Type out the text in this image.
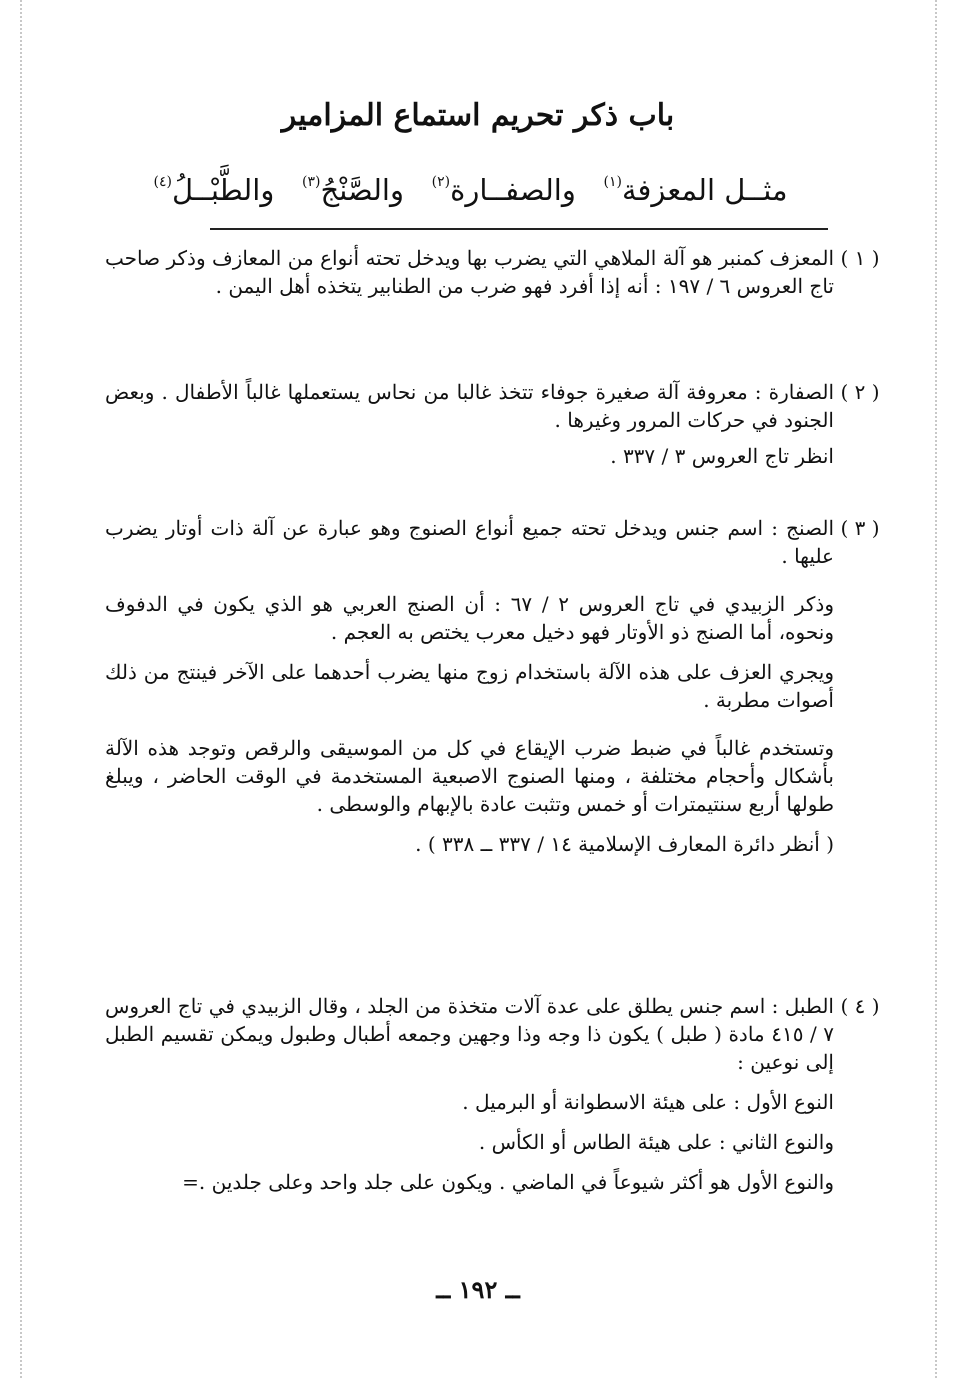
باب ذكر تحريم استماع المزامير
مثــل المعزفة$^{(١)}$   والصفــارة$^{(٢)}$   والصَّنْجُ$^{(٣)}$   والطَّبْــلُ$^{(٤)}$
( ١ )

المعزف كمنبر هو آلة الملاهي التي يضرب بها ويدخل تحته أنواع من المعازف وذكر صاحب تاج العروس ٦ / ١٩٧ : أنه إذا أفرد فهو ضرب من الطنابير يتخذه أهل اليمن .

( ٢ )

الصفارة : معروفة آلة صغيرة جوفاء تتخذ غالبا من نحاس يستعملها غالباً الأطفال . وبعض الجنود في حركات المرور وغيرها .

انظر تاج العروس ٣ / ٣٣٧ .

( ٣ )

الصنج : اسم جنس ويدخل تحته جميع أنواع الصنوج وهو عبارة عن آلة ذات أوتار يضرب عليها .

وذكر الزبيدي في تاج العروس ٢ / ٦٧ : أن الصنج العربي هو الذي يكون في الدفوف ونحوه، أما الصنج ذو الأوتار فهو دخيل معرب يختص به العجم .

ويجري العزف على هذه الآلة باستخدام زوج منها يضرب أحدهما على الآخر فينتج من ذلك أصوات مطربة .

وتستخدم غالباً في ضبط ضرب الإيقاع في كل من الموسيقى والرقص وتوجد هذه الآلة بأشكال وأحجام مختلفة ، ومنها الصنوج الاصبعية المستخدمة في الوقت الحاضر ، ويبلغ طولها أربع سنتيمترات أو خمس وتثبت عادة بالإبهام والوسطى .

( أنظر دائرة المعارف الإسلامية ١٤ / ٣٣٧ ــ ٣٣٨ ) .

( ٤ )

الطبل : اسم جنس يطلق على عدة آلات متخذة من الجلد ، وقال الزبيدي في تاج العروس ٧ / ٤١٥ مادة ( طبل ) يكون ذا وجه وذا وجهين وجمعه أطبال وطبول ويمكن تقسيم الطبل إلى نوعين :

النوع الأول : على هيئة الاسطوانة أو البرميل .

والنوع الثاني : على هيئة الطاس أو الكأس .

والنوع الأول هو أكثر شيوعاً في الماضي . ويكون على جلد واحد وعلى جلدين .=

ــ ١٩٢ ــ
